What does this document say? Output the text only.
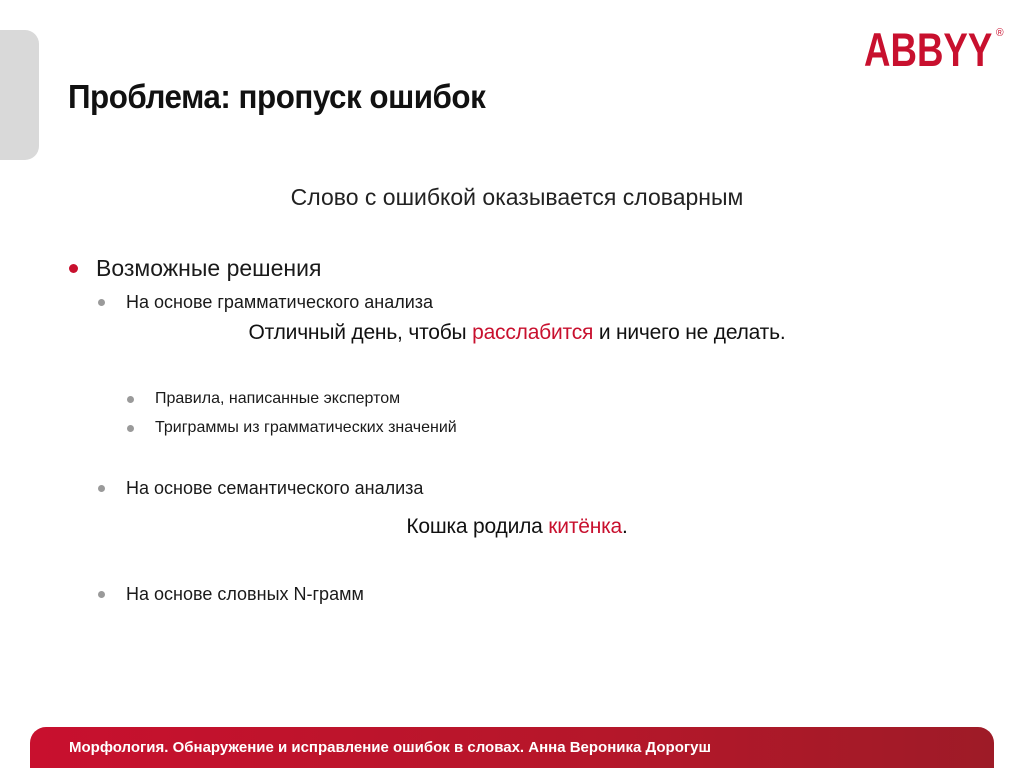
ABBYY ®
Проблема: пропуск ошибок
Слово с ошибкой оказывается словарным
Возможные решения
На основе грамматического анализа
Отличный день, чтобы расслабится и ничего не делать.
Правила, написанные экспертом
Триграммы из грамматических значений
На основе семантического анализа
Кошка родила китёнка.
На основе словных N-грамм
Морфология. Обнаружение и исправление ошибок в словах. Анна Вероника Дорогуш
